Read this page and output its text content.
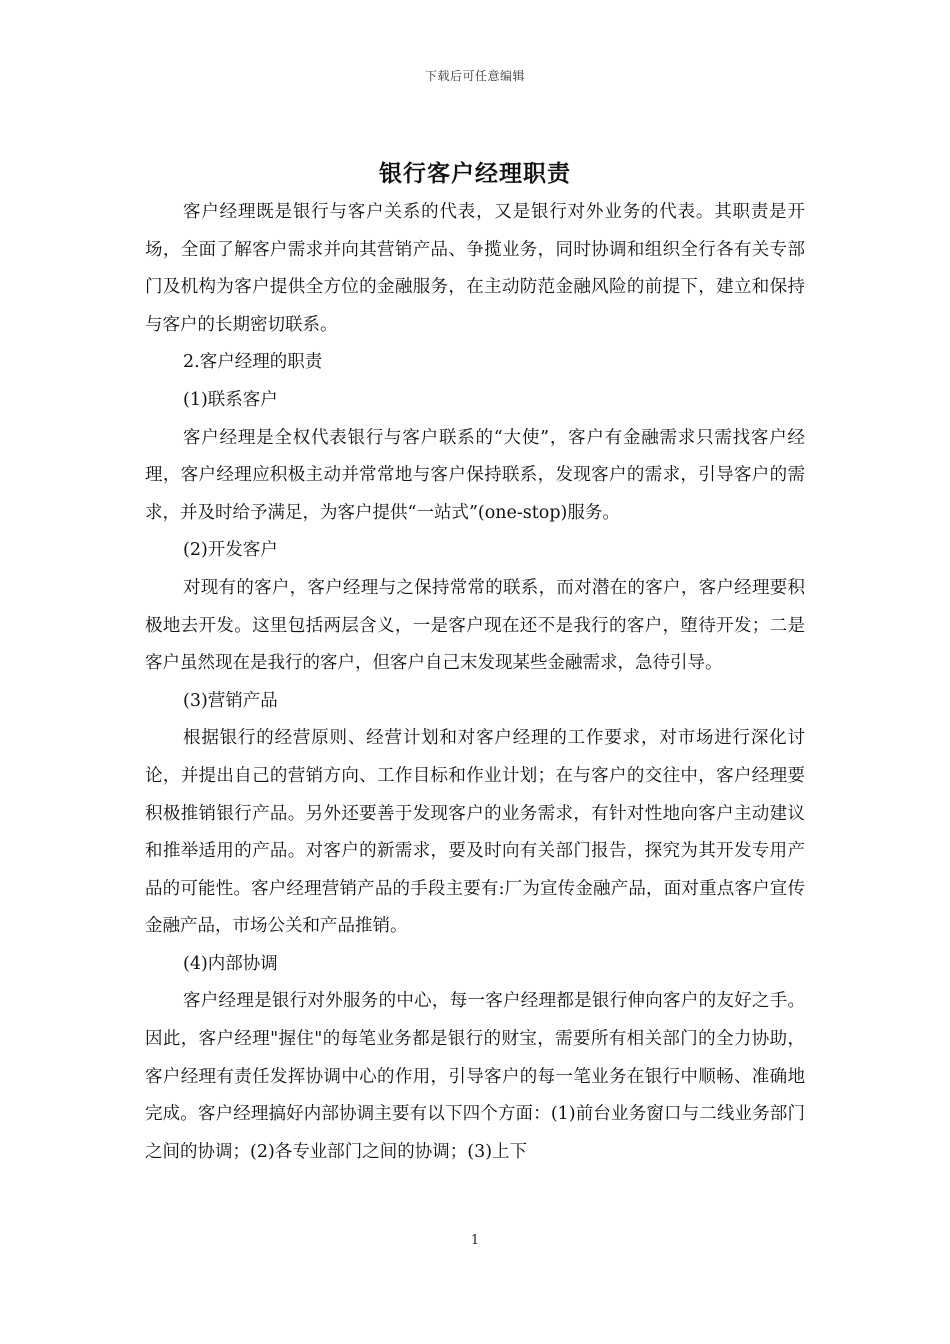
下载后可任意编辑
银行客户经理职责

客户经理既是银行与客户关系的代表，又是银行对外业务的代表。其职责是开场，全面了解客户需求并向其营销产品、争揽业务，同时协调和组织全行各有关专部门及机构为客户提供全方位的金融服务，在主动防范金融风险的前提下，建立和保持与客户的长期密切联系。

2.客户经理的职责

(1)联系客户

客户经理是全权代表银行与客户联系的“大使”，客户有金融需求只需找客户经理，客户经理应积极主动并常常地与客户保持联系，发现客户的需求，引导客户的需求，并及时给予满足，为客户提供“一站式”(one-stop)服务。

(2)开发客户

对现有的客户，客户经理与之保持常常的联系，而对潜在的客户，客户经理要积极地去开发。这里包括两层含义，一是客户现在还不是我行的客户，堕待开发；二是客户虽然现在是我行的客户，但客户自己末发现某些金融需求，急待引导。

(3)营销产品

根据银行的经营原则、经营计划和对客户经理的工作要求，对市场进行深化讨论，并提出自己的营销方向、工作目标和作业计划；在与客户的交往中，客户经理要积极推销银行产品。另外还要善于发现客户的业务需求，有针对性地向客户主动建议和推举适用的产品。对客户的新需求，要及时向有关部门报告，探究为其开发专用产品的可能性。客户经理营销产品的手段主要有:厂为宣传金融产品，面对重点客户宣传金融产品，市场公关和产品推销。

(4)内部协调

客户经理是银行对外服务的中心，每一客户经理都是银行伸向客户的友好之手。因此，客户经理"握住"的每笔业务都是银行的财宝，需要所有相关部门的全力协助，客户经理有责任发挥协调中心的作用，引导客户的每一笔业务在银行中顺畅、准确地完成。客户经理搞好内部协调主要有以下四个方面：(1)前台业务窗口与二线业务部门之间的协调；(2)各专业部门之间的协调；(3)上下

1
